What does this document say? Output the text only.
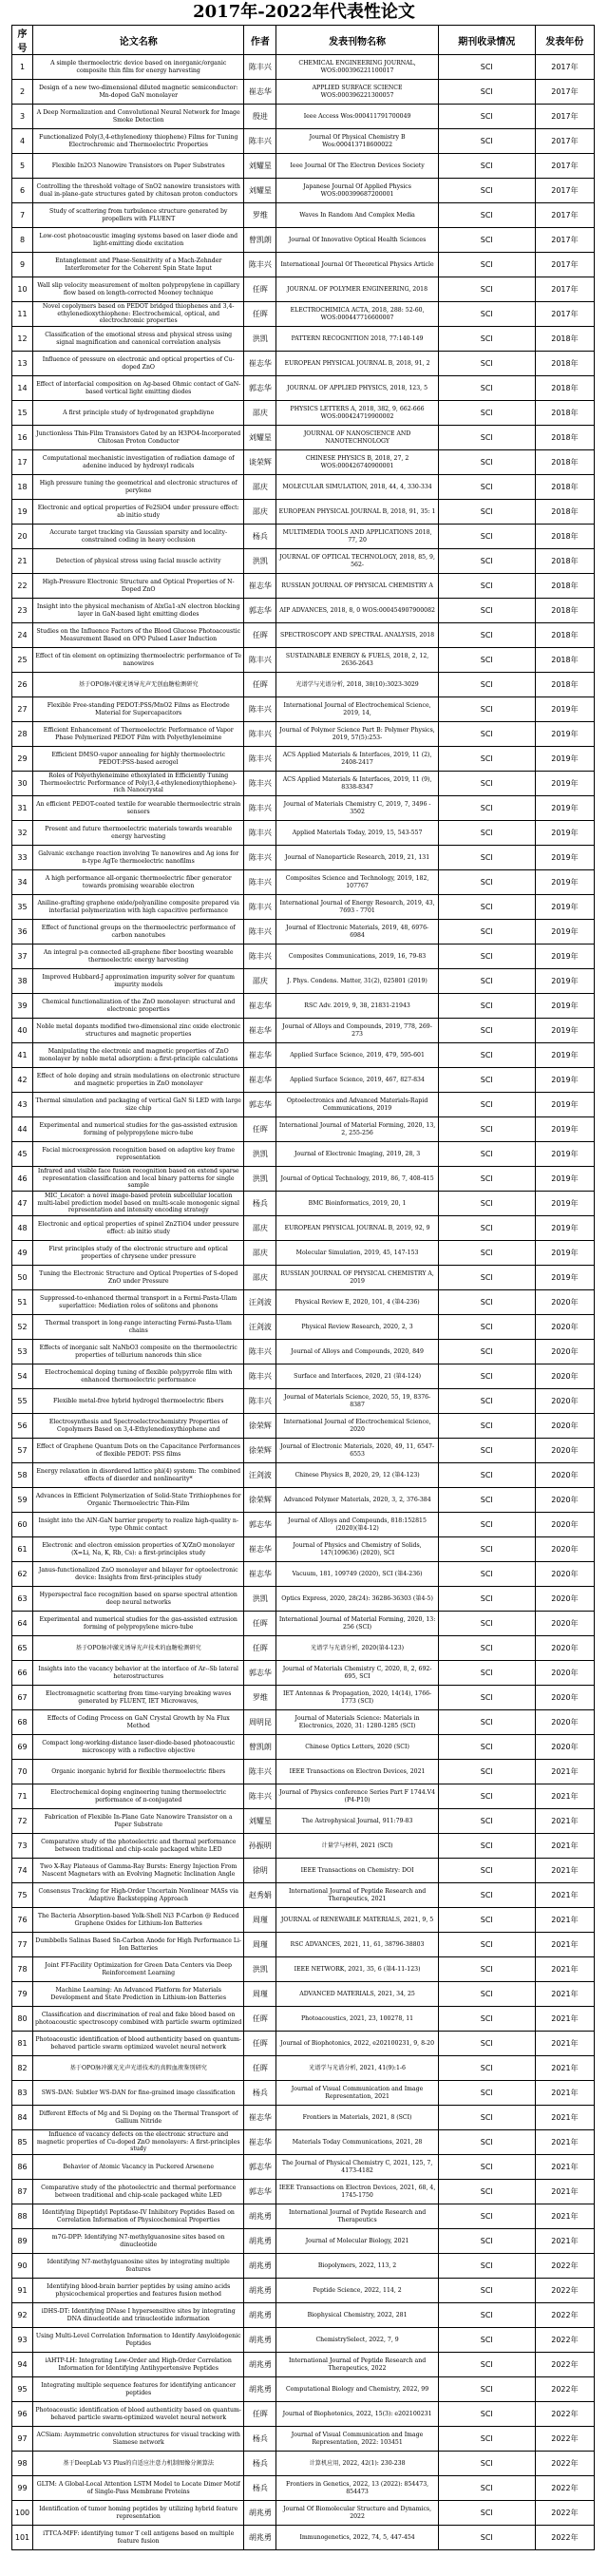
2017年-2022年代表性论文
序号	论文名称	作者	发表刊物名称	期刊收录情况	发表年份
1	A simple thermoelectric device based on inorganic/organic composite thin film for energy harvesting	陈丰兴	CHEMICAL ENGINEERING JOURNAL, WOS:000396221100017	SCI	2017年
2	Design of a new two-dimensional diluted magnetic semiconductor: Mn-doped GaN monolayer	崔志华	APPLIED SURFACE SCIENCE WOS:000396221300057	SCI	2017年
3	A Deep Normalization and Convolutional Neural Network for Image Smoke Detection	殷进	Ieee Access Wos:000411791700049	SCI	2017年
4	Functionalized Poly(3,4-ethylenedioxy thiophene) Films for Tuning Electrochromic and Thermoelectric Properties	陈丰兴	Journal Of Physical Chemistry B Wos:000413718600022	SCI	2017年
5	Flexible In2O3 Nanowire Transistors on Paper Substrates	刘耀星	Ieee Journal Of The Electron Devices Society	SCI	2017年
6	Controlling the threshold voltage of SnO2 nanowire transistors with dual in-plane-gate structures gated by chitosan proton conductors	刘耀星	Japanese Journal Of Applied Physics WOS:000399687200001	SCI	2017年
7	Study of scattering from turbulence structure generated by propellers with FLUENT	罗维	Waves In Random And Complex Media	SCI	2017年
8	Low-cost photoacoustic imaging systems based on laser diode and light-emitting diode excitation	曾凯朗	Journal Of Innovative Optical Health Sciences	SCI	2017年
9	Entanglement and Phase-Sensitivity of a Mach-Zehnder Interferometer for the Coherent Spin State Input	陈丰兴	International Journal Of Theoretical Physics Article	SCI	2017年
10	Wall slip velocity measurement of molten polypropylene in capillary flow based on length-corrected Mooney technique	任晖	JOURNAL OF POLYMER ENGINEERING, 2018	SCI	2017年
11	Novel copolymers based on PEDOT bridged thiophenes and 3,4-ethylenedioxythiophene: Electrochemical, optical, and electrochromic properties	任晖	ELECTROCHIMICA ACTA, 2018, 288: 52-60, WOS:000447716600007	SCI	2017年
12	Classification of the emotional stress and physical stress using signal magnification and canonical correlation analysis	洪凯	PATTERN RECOGNITION 2018, 77:140-149	SCI	2018年
13	Influence of pressure on electronic and optical properties of Cu-doped ZnO	崔志华	EUROPEAN PHYSICAL JOURNAL B, 2018, 91, 2	SCI	2018年
14	Effect of interfacial composition on Ag-based Ohmic contact of GaN-based vertical light emitting diodes	郭志华	JOURNAL OF APPLIED PHYSICS, 2018, 123, 5	SCI	2018年
15	A first principle study of hydrogenated graphdiyne	邵庆	PHYSICS LETTERS A, 2018, 382, 9, 662-666 WOS:000424719900002	SCI	2018年
16	Junctionless Thin-Film Transistors Gated by an H3PO4-Incorporated Chitosan Proton Conductor	刘耀星	JOURNAL OF NANOSCIENCE AND NANOTECHNOLOGY	SCI	2018年
17	Computational mechanistic investigation of radiation damage of adenine induced by hydroxyl radicals	谈荣辉	CHINESE PHYSICS B, 2018, 27, 2 WOS:000426740900001	SCI	2018年
18	High pressure tuning the geometrical and electronic structures of perylene	邵庆	MOLECULAR SIMULATION, 2018, 44, 4, 330-334	SCI	2018年
19	Electronic and optical properties of Fe2SiO4 under pressure effect: ab initio study	邵庆	EUROPEAN PHYSICAL JOURNAL B, 2018, 91, 35: 1	SCI	2018年
20	Accurate target tracking via Gaussian sparsity and locality-constrained coding in heavy occlusion	杨兵	MULTIMEDIA TOOLS AND APPLICATIONS 2018, 77, 20	SCI	2018年
21	Detection of physical stress using facial muscle activity	洪凯	JOURNAL OF OPTICAL TECHNOLOGY, 2018, 85, 9, 562-	SCI	2018年
22	High-Pressure Electronic Structure and Optical Properties of N-Doped ZnO	崔志华	RUSSIAN JOURNAL OF PHYSICAL CHEMISTRY A	SCI	2018年
23	Insight into the physical mechanism of AlxGa1-xN electron blocking layer in GaN-based light emitting diodes	郭志华	AIP ADVANCES, 2018, 8, 0 WOS:000454907900082	SCI	2018年
24	Studies on the Influence Factors of the Blood Glucose Photoacoustic Measurement Based on OPO Pulsed Laser Induction	任晖	SPECTROSCOPY AND SPECTRAL ANALYSIS, 2018	SCI	2018年
25	Effect of tin element on optimizing thermoelectric performance of Te nanowires	陈丰兴	SUSTAINABLE ENERGY & FUELS, 2018, 2, 12, 2636-2643	SCI	2018年
26	基于OPO脉冲激光诱导光声无创血糖检测研究	任晖	光谱学与光谱分析, 2018, 38(10):3023-3029	SCI	2018年
27	Flexible Free-standing PEDOT:PSS/MnO2 Films as Electrode Material for Supercapacitors	陈丰兴	International Journal of Electrochemical Science, 2019, 14,	SCI	2019年
28	Efficient Enhancement of Thermoelectric Performance of Vapor Phase Polymerized PEDOT Film with Polyethyleneimine	陈丰兴	Journal of Polymer Science Part B: Polymer Physics, 2019, 57(5):253-	SCI	2019年
29	Efficient DMSO-vapor annealing for highly thermoelectric PEDOT:PSS-based aerogel	陈丰兴	ACS Applied Materials & Interfaces, 2019, 11 (2), 2408-2417	SCI	2019年
30	Roles of Polyethyleneimine ethoxylated in Efficiently Tuning Thermoelectric Performance of Poly(3,4-ethylenedioxythiophene)-rich Nanocrystal	陈丰兴	ACS Applied Materials & Interfaces, 2019, 11 (9), 8338-8347	SCI	2019年
31	An efficient PEDOT-coated textile for wearable thermoelectric strain sensors	陈丰兴	Journal of Materials Chemistry C, 2019, 7, 3496 - 3502	SCI	2019年
32	Present and future thermoelectric materials towards wearable energy harvesting	陈丰兴	Applied Materials Today, 2019, 15, 543-557	SCI	2019年
33	Galvanic exchange reaction involving Te nanowires and Ag ions for n-type AgTe thermoelectric nanofilms	陈丰兴	Journal of Nanoparticle Research, 2019, 21, 131	SCI	2019年
34	A high performance all-organic thermoelectric fiber generator towards promising wearable electron	陈丰兴	Composites Science and Technology, 2019, 182, 107767	SCI	2019年
35	Aniline-grafting graphene oxide/polyaniline composite prepared via interfacial polymerization with high capacitive performance	陈丰兴	International Journal of Energy Research, 2019, 43, 7693 - 7701	SCI	2019年
36	Effect of functional groups on the thermoelectric performance of carbon nanotubes	陈丰兴	Journal of Electronic Materials, 2019, 48, 6976-6984	SCI	2019年
37	An integral p-n connected all-graphene fiber boosting wearable thermoelectric energy harvesting	陈丰兴	Composites Communications, 2019, 16, 79-83	SCI	2019年
38	Improved Hubbard-J approximation impurity solver for quantum impurity models	邵庆	J. Phys. Condens. Matter, 31(2), 025801 (2019)	SCI	2019年
39	Chemical functionalization of the ZnO monolayer: structural and electronic properties	崔志华	RSC Adv. 2019, 9, 38, 21831-21943	SCI	2019年
40	Noble metal dopants modified two-dimensional zinc oxide electronic structures and magnetic properties	崔志华	Journal of Alloys and Compounds, 2019, 778, 269-273	SCI	2019年
41	Manipulating the electronic and magnetic properties of ZnO monolayer by noble metal adsorption: a first-principle calculations	崔志华	Applied Surface Science, 2019, 479, 595-601	SCI	2019年
42	Effect of hole doping and strain modulations on electronic structure and magnetic properties in ZnO monolayer	崔志华	Applied Surface Science, 2019, 467, 827-834	SCI	2019年
43	Thermal simulation and packaging of vertical GaN Si LED with large size chip	郭志华	Optoelectronics and Advanced Materials-Rapid Communications, 2019	SCI	2019年
44	Experimental and numerical studies for the gas-assisted extrusion forming of polypropylene micro-tube	任晖	International Journal of Material Forming, 2020, 13, 2, 255-256	SCI	2019年
45	Facial microexpression recognition based on adaptive key frame representation	洪凯	Journal of Electronic Imaging, 2019, 28, 3	SCI	2019年
46	Infrared and visible face fusion recognition based on extend sparse representation classification and local binary patterns for single sample	洪凯	Journal of Optical Technology, 2019, 86, 7, 408-415	SCI	2019年
47	MIC_Locator: a novel image-based protein subcellular location multi-label prediction model based on multi-scale monogenic signal representation and intensity encoding strategy	杨兵	BMC Bioinformatics, 2019, 20, 1	SCI	2019年
48	Electronic and optical properties of spinel Zn2TiO4 under pressure effect: ab initio study	邵庆	EUROPEAN PHYSICAL JOURNAL B, 2019, 92, 9	SCI	2019年
49	First principles study of the electronic structure and optical properties of chrysene under pressure	邵庆	Molecular Simulation, 2019, 45, 147-153	SCI	2019年
50	Tuning the Electronic Structure and Optical Properties of S-doped ZnO under Pressure	邵庆	RUSSIAN JOURNAL OF PHYSICAL CHEMISTRY A, 2019	SCI	2019年
51	Suppressed-to-enhanced thermal transport in a Fermi-Pasta-Ulam superlattice: Mediation roles of solitons and phonons	汪剑波	Physical Review E, 2020, 101, 4 (第4-236)	SCI	2020年
52	Thermal transport in long-range interacting Fermi-Pasta-Ulam chains	汪剑波	Physical Review Research, 2020, 2, 3	SCI	2020年
53	Effects of inorganic salt NaNbO3 composite on the thermoelectric properties of tellurium nanorods thin slice	陈丰兴	Journal of Alloys and Compounds, 2020, 849	SCI	2020年
54	Electrochemical doping tuning of flexible polypyrrole film with enhanced thermoelectric performance	陈丰兴	Surface and Interfaces, 2020, 21 (第4-124)	SCI	2020年
55	Flexible metal-free hybrid hydrogel thermoelectric fibers	陈丰兴	Journal of Materials Science, 2020, 55, 19, 8376-8387	SCI	2020年
56	Electrosynthesis and Spectroelectrochemistry Properties of Copolymers Based on 3,4-Ethylenedioxythiophene and	徐荣辉	International Journal of Electrochemical Science, 2020	SCI	2020年
57	Effect of Graphene Quantum Dots on the Capacitance Performances of flexible PEDOT: PSS films	徐荣辉	Journal of Electronic Materials, 2020, 49, 11, 6547-6553	SCI	2020年
58	Energy relaxation in disordered lattice phi(4) system: The combined effects of disorder and nonlinearity*	汪剑波	Chinese Physics B, 2020, 29, 12 (第4-123)	SCI	2020年
59	Advances in Efficient Polymerization of Solid-State Trithiophenes for Organic Thermoelectric Thin-Film	徐荣辉	Advanced Polymer Materials, 2020, 3, 2, 376-384	SCI	2020年
60	Insight into the AlN-GaN barrier property to realize high-quality n-type Ohmic contact	郭志华	Journal of Alloys and Compounds, 818:152815 (2020)(第4-12)	SCI	2020年
61	Electronic and electron emission properties of X/ZnO monolayer (X=Li, Na, K, Rb, Cs): a first-principles study	崔志华	Journal of Physics and Chemistry of Solids, 147(109636) (2020), SCI	SCI	2020年
62	Janus-functionalized ZnO monolayer and bilayer for optoelectronic device: Insights from first-principles study	崔志华	Vacuum, 181, 109749 (2020), SCI (第4-236)	SCI	2020年
63	Hyperspectral face recognition based on sparse spectral attention deep neural networks	洪凯	Optics Express, 2020, 28(24): 36286-36303 (第4-5)	SCI	2020年
64	Experimental and numerical studies for the gas-assisted extrusion forming of polypropylene micro-tube	任晖	International Journal of Material Forming, 2020, 13: 256 (SCI)	SCI	2020年
65	基于OPO脉冲激光诱导光声技术的血糖检测研究	任晖	光谱学与光谱分析, 2020(第4-123)	SCI	2020年
66	Insights into the vacancy behavior at the interface of Ar--Sb lateral heterostructures	郭志华	Journal of Materials Chemistry C, 2020, 8, 2, 692-695, SCI	SCI	2020年
67	Electromagnetic scattering from time-varying breaking waves generated by FLUENT, IET Microwaves,	罗维	IET Antennas & Propagation, 2020, 14(14), 1766-1773 (SCI)	SCI	2020年
68	Effects of Coding Process on GaN Crystal Growth by Na Flux Method	周明昆	Journal of Materials Science: Materials in Electronics, 2020, 31: 1280-1285 (SCI)	SCI	2020年
69	Compact long-working-distance laser-diode-based photoacoustic microscopy with a reflective objective	曾凯朗	Chinese Optics Letters, 2020 (SCI)	SCI	2020年
70	Organic inorganic hybrid for flexible thermoelectric fibers	陈丰兴	IEEE Transactions on Electron Devices, 2021	SCI	2021年
71	Electrochemical doping engineering tuning thermoelectric performance of π-conjugated	陈丰兴	Journal of Physics conference Series Part F 1744.V4 (P4-P10)	SCI	2021年
72	Fabrication of Flexible In-Plane Gate Nanowire Transistor on a Paper Substrate	刘耀星	The Astrophysical Journal, 911:79-83	SCI	2021年
73	Comparative study of the photoelectric and thermal performance between traditional and chip-scale packaged white LED	孙振明	计量学与材料, 2021 (SCI)	SCI	2021年
74	Two X-Ray Plateaus of Gamma-Ray Bursts: Energy Injection From Nascent Magnetars with an Evolving Magnetic Inclination Angle	徐明	IEEE Transactions on Chemistry: DOI	SCI	2021年
75	Consensus Tracking for High-Order Uncertain Nonlinear MASs via Adaptive Backstepping Approach	赵秀娟	International Journal of Peptide Research and Therapeutics, 2021	SCI	2021年
76	The Bacteria Absorption-based Yolk-Shell Ni3 P-Carbon @ Reduced Graphene Oxides for Lithium-Ion Batteries	周瑾	JOURNAL of RENEWABLE MATERIALS, 2021, 9, 5	SCI	2021年
77	Dumbbells Salinas Based Sn-Carbon Anode for High Performance Li-Ion Batteries	周瑾	RSC ADVANCES, 2021, 11, 61, 38796-38803	SCI	2021年
78	Joint FT-Facility Optimization for Green Data Centers via Deep Reinforcement Learning	洪凯	IEEE NETWORK, 2021, 35, 6 (第4-11-123)	SCI	2021年
79	Machine Learning: An Advanced Platform for Materials Development and State Prediction in Lithium-ion Batteries	周瑾	ADVANCED MATERIALS, 2021, 34, 25	SCI	2021年
80	Classification and discrimination of real and fake blood based on photoacoustic spectroscopy combined with particle swarm optimized	任晖	Photoacoustics, 2021, 23, 100278, 11	SCI	2021年
81	Photoacoustic identification of blood authenticity based on quantum-behaved particle swarm optimized wavelet neural network	任晖	Journal of Biophotonics, 2022, e202100231, 9, 8-20	SCI	2021年
82	基于OPO脉冲激光光声光谱技术的真假血液鉴别研究	任晖	光谱学与光谱分析, 2021, 41(9):1-6	SCI	2021年
83	SWS-DAN: Subtler WS-DAN for fine-grained image classification	杨兵	Journal of Visual Communication and Image Representation, 2021	SCI	2021年
84	Different Effects of Mg and Si Doping on the Thermal Transport of Gallium Nitride	崔志华	Frontiers in Materials, 2021, 8 (SCI)	SCI	2021年
85	Influence of vacancy defects on the electronic structure and magnetic properties of Cu-doped ZnO monolayers: A first-principles study	崔志华	Materials Today Communications, 2021, 28	SCI	2021年
86	Behavior of Atomic Vacancy in Puckered Arsenene	郭志华	The Journal of Physical Chemistry C, 2021, 125, 7, 4173-4182	SCI	2021年
87	Comparative study of the photoelectric and thermal performance between traditional and chip-scale packaged white LED	郭志华	IEEE Transactions on Electron Devices, 2021, 68, 4, 1745-1750	SCI	2021年
88	Identifying Dipeptidyl Peptidase-IV Inhibitory Peptides Based on Correlation Information of Physicochemical Properties	胡兆勇	International Journal of Peptide Research and Therapeutics	SCI	2021年
89	m7G-DPP: Identifying N7-methylguanosine sites based on dinucleotide	胡兆勇	Journal of Molecular Biology, 2021	SCI	2021年
90	Identifying N7-methylguanosine sites by integrating multiple features	胡兆勇	Biopolymers, 2022, 113, 2	SCI	2022年
91	Identifying blood-brain barrier peptides by using amino acids physicochemical properties and features fusion method	胡兆勇	Peptide Science, 2022, 114, 2	SCI	2022年
92	iDHS-DT: Identifying DNase I hypersensitive sites by integrating DNA dinucleotide and trinucleotide information	胡兆勇	Biophysical Chemistry, 2022, 281	SCI	2022年
93	Using Multi-Level Correlation Information to Identify Amyloidogenic Peptides	胡兆勇	ChemistrySelect, 2022, 7, 9	SCI	2022年
94	iAHTP-LH: Integrating Low-Order and High-Order Correlation Information for Identifying Antihypertensive Peptides	胡兆勇	International Journal of Peptide Research and Therapeutics, 2022	SCI	2022年
95	Integrating multiple sequence features for identifying anticancer peptides	胡兆勇	Computational Biology and Chemistry, 2022, 99	SCI	2022年
96	Photoacoustic identification of blood authenticity based on quantum-behaved particle swarm-optimized wavelet neural network	任晖	Journal of Biophotonics, 2022, 15(3): e202100231	SCI	2022年
97	ACSiam: Asymmetric convolution structures for visual tracking with Siamese network	杨兵	Journal of Visual Communication and Image Representation, 2022: 103451	SCI	2022年
98	基于DeepLab V3 Plus的自适应注意力机制图像分割算法	杨兵	计算机应用, 2022, 42(1): 230-238	SCI	2022年
99	GLTM: A Global-Local Attention LSTM Model to Locate Dimer Motif of Single-Pass Membrane Proteins	杨兵	Frontiers in Genetics, 2022, 13 (2022): 854473, 854473	SCI	2022年
100	Identification of tumor homing peptides by utilizing hybrid feature representation	胡兆勇	Journal Of Biomolecular Structure and Dynamics, 2022	SCI	2022年
101	iTTCA-MFF: identifying tumor T cell antigens based on multiple feature fusion	胡兆勇	Immunogenetics, 2022, 74, 5, 447-454	SCI	2022年
